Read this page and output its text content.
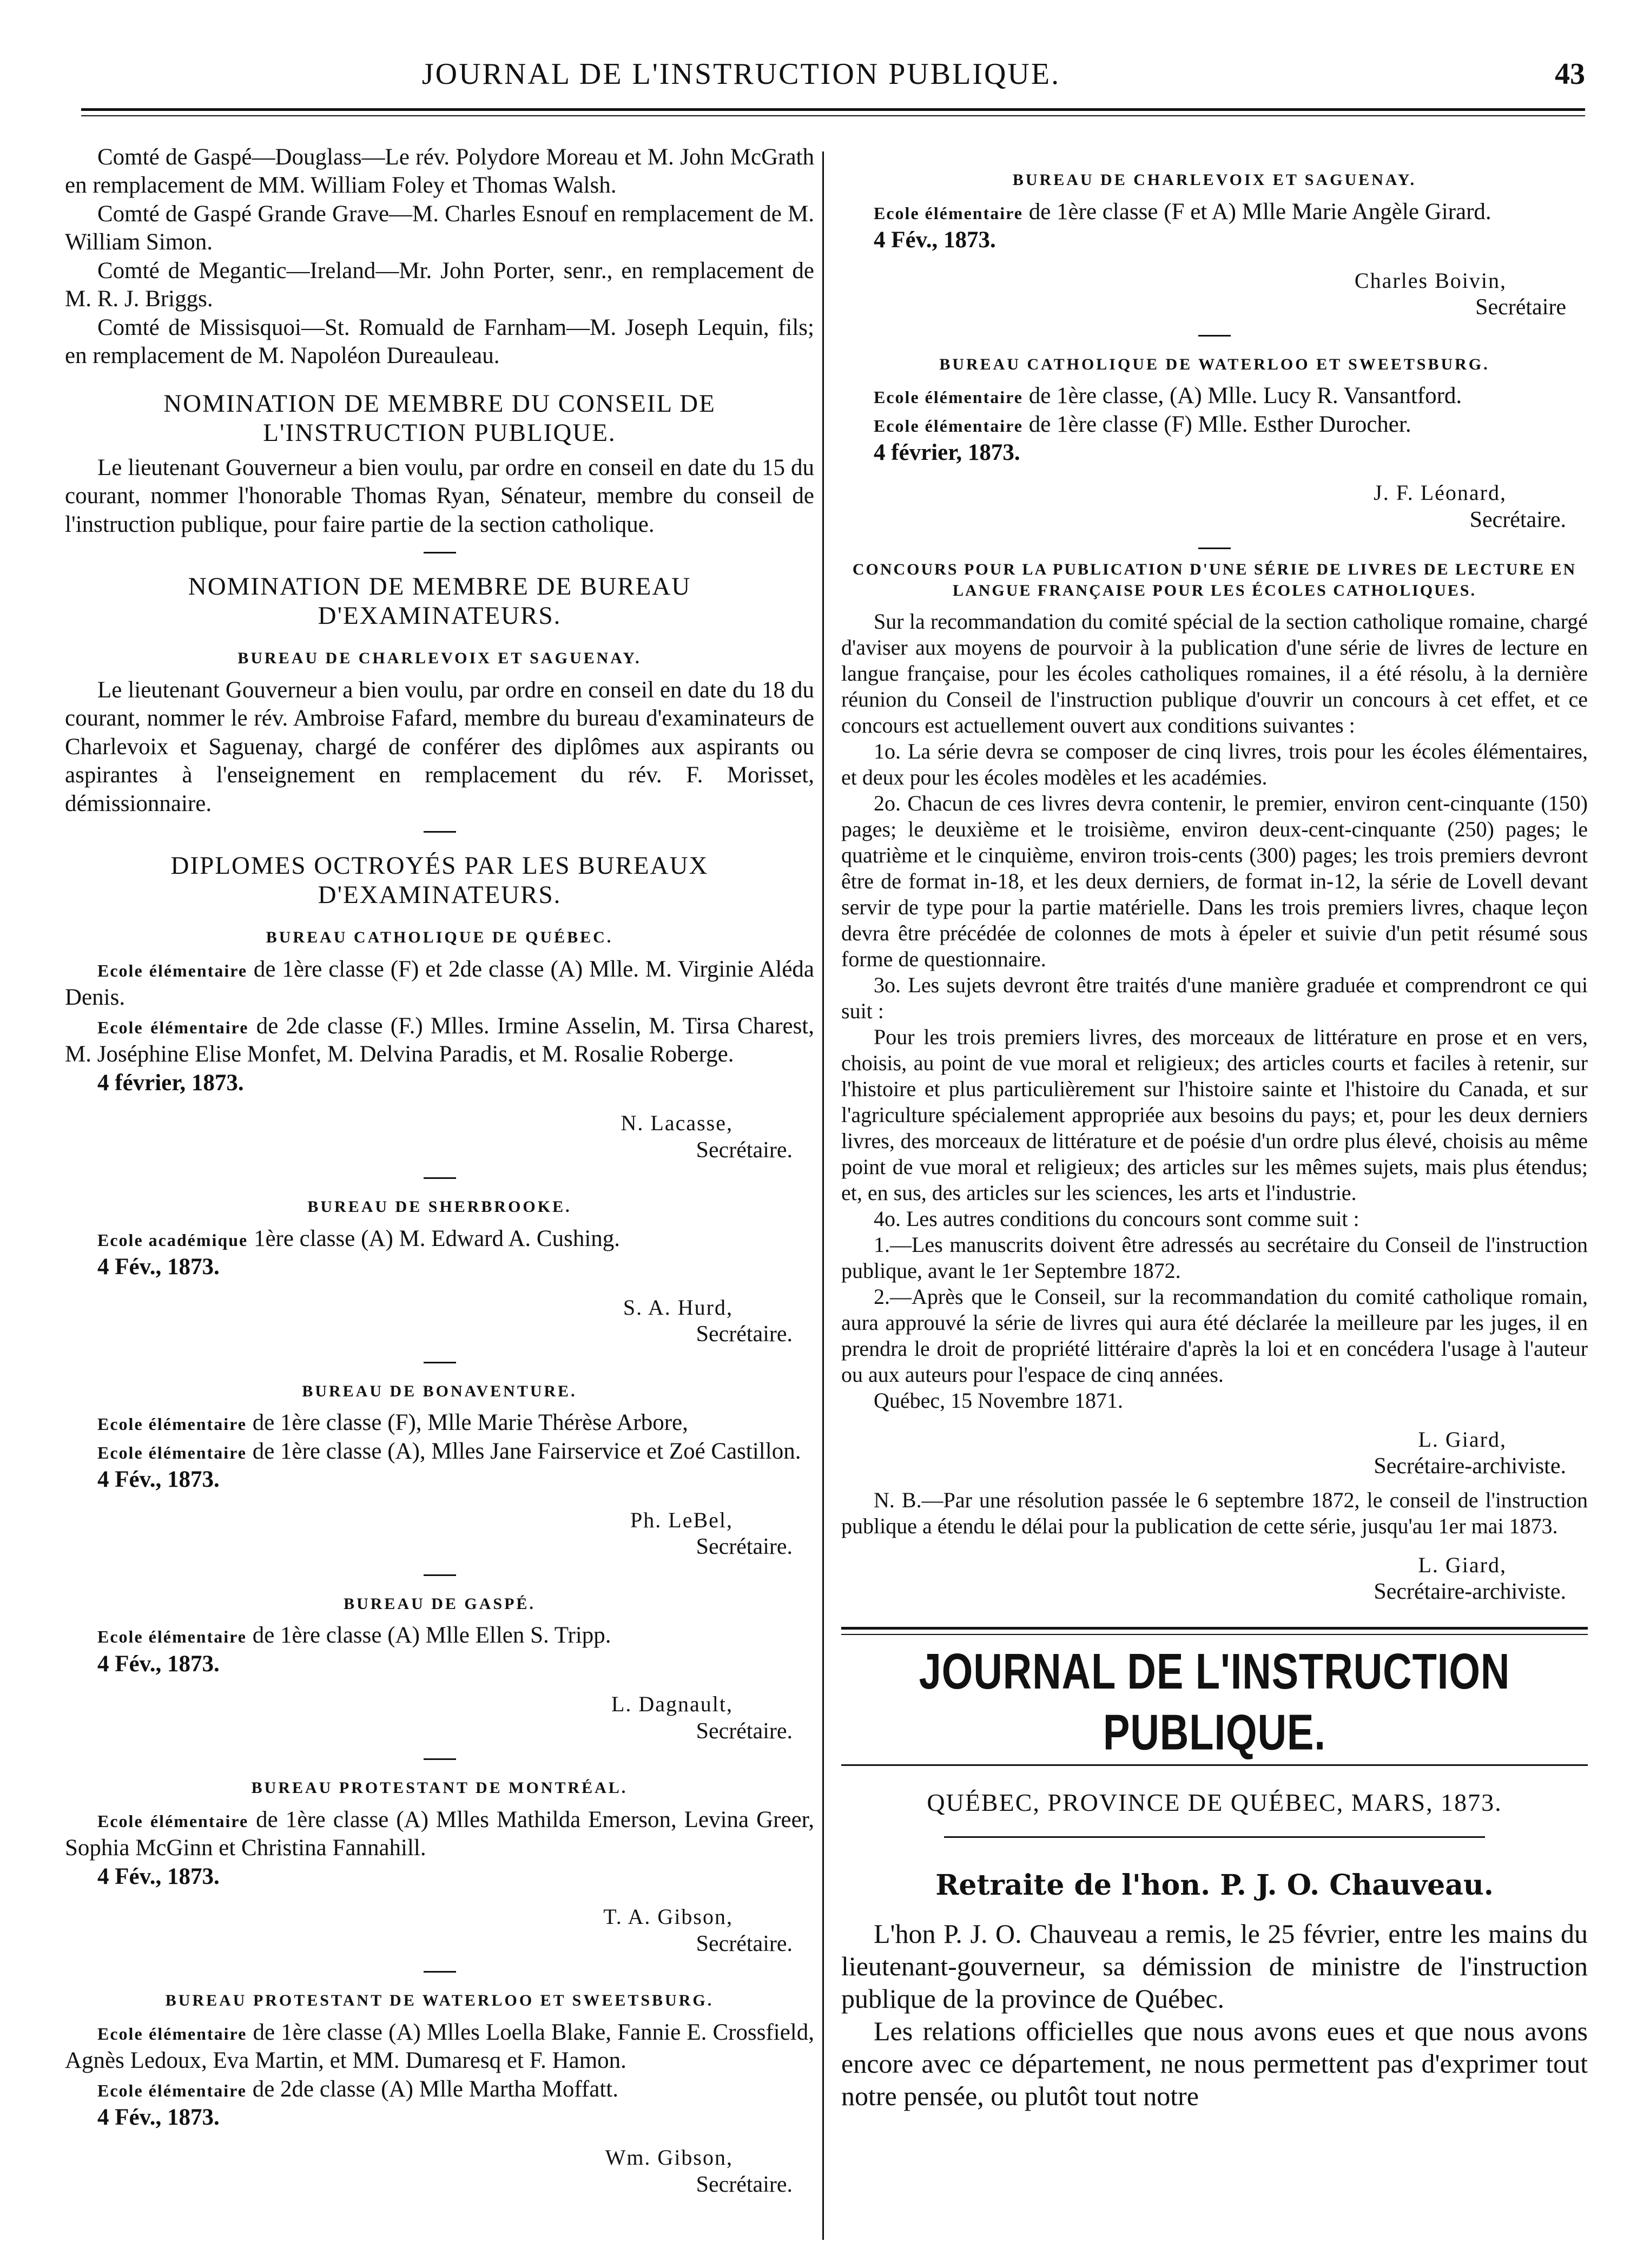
JOURNAL DE L'INSTRUCTION PUBLIQUE.	43

Comté de Gaspé—Douglass—Le rév. Polydore Moreau et M. John McGrath en remplacement de MM. William Foley et Thomas Walsh.

Comté de Gaspé Grande Grave—M. Charles Esnouf en remplacement de M. William Simon.

Comté de Megantic—Ireland—Mr. John Porter, senr., en remplacement de M. R. J. Briggs.

Comté de Missisquoi—St. Romuald de Farnham—M. Joseph Lequin, fils; en remplacement de M. Napoléon Dureauleau.

NOMINATION DE MEMBRE DU CONSEIL DE L'INSTRUCTION PUBLIQUE.

Le lieutenant Gouverneur a bien voulu, par ordre en conseil en date du 15 du courant, nommer l'honorable Thomas Ryan, Sénateur, membre du conseil de l'instruction publique, pour faire partie de la section catholique.

NOMINATION DE MEMBRE DE BUREAU D'EXAMINATEURS.
BUREAU DE CHARLEVOIX ET SAGUENAY.

Le lieutenant Gouverneur a bien voulu, par ordre en conseil en date du 18 du courant, nommer le rév. Ambroise Fafard, membre du bureau d'examinateurs de Charlevoix et Saguenay, chargé de conférer des diplômes aux aspirants ou aspirantes à l'enseignement en remplacement du rév. F. Morisset, démissionnaire.

DIPLOMES OCTROYÉS PAR LES BUREAUX D'EXAMINATEURS.
BUREAU CATHOLIQUE DE QUÉBEC.

Ecole élémentaire de 1ère classe (F) et 2de classe (A) Mlle. M. Virginie Aléda Denis.

Ecole élémentaire de 2de classe (F.) Mlles. Irmine Asselin, M. Tirsa Charest, M. Joséphine Elise Monfet, M. Delvina Paradis, et M. Rosalie Roberge.

4 février, 1873.
N. Lacasse,
Secrétaire.
BUREAU DE SHERBROOKE.

Ecole académique 1ère classe (A) M. Edward A. Cushing.

4 Fév., 1873.
S. A. Hurd,
Secrétaire.
BUREAU DE BONAVENTURE.

Ecole élémentaire de 1ère classe (F), Mlle Marie Thérèse Arbore,

Ecole élémentaire de 1ère classe (A), Mlles Jane Fairservice et Zoé Castillon.

4 Fév., 1873.
Ph. LeBel,
Secrétaire.
BUREAU DE GASPÉ.

Ecole élémentaire de 1ère classe (A) Mlle Ellen S. Tripp.

4 Fév., 1873.
L. Dagnault,
Secrétaire.
BUREAU PROTESTANT DE MONTRÉAL.

Ecole élémentaire de 1ère classe (A) Mlles Mathilda Emerson, Levina Greer, Sophia McGinn et Christina Fannahill.

4 Fév., 1873.
T. A. Gibson,
Secrétaire.
BUREAU PROTESTANT DE WATERLOO ET SWEETSBURG.

Ecole élémentaire de 1ère classe (A) Mlles Loella Blake, Fannie E. Crossfield, Agnès Ledoux, Eva Martin, et MM. Dumaresq et F. Hamon.

Ecole élémentaire de 2de classe (A) Mlle Martha Moffatt.

4 Fév., 1873.
Wm. Gibson,
Secrétaire.
BUREAU DE CHARLEVOIX ET SAGUENAY.

Ecole élémentaire de 1ère classe (F et A) Mlle Marie Angèle Girard.

4 Fév., 1873.
Charles Boivin,
Secrétaire
BUREAU CATHOLIQUE DE WATERLOO ET SWEETSBURG.

Ecole élémentaire de 1ère classe, (A) Mlle. Lucy R. Vansantford.

Ecole élémentaire de 1ère classe (F) Mlle. Esther Durocher.

4 février, 1873.
J. F. Léonard,
Secrétaire.
CONCOURS POUR LA PUBLICATION D'UNE SÉRIE DE LIVRES DE LECTURE EN LANGUE FRANÇAISE POUR LES ÉCOLES CATHOLIQUES.

Sur la recommandation du comité spécial de la section catholique romaine, chargé d'aviser aux moyens de pourvoir à la publication d'une série de livres de lecture en langue française, pour les écoles catholiques romaines, il a été résolu, à la dernière réunion du Conseil de l'instruction publique d'ouvrir un concours à cet effet, et ce concours est actuellement ouvert aux conditions suivantes :

1o. La série devra se composer de cinq livres, trois pour les écoles élémentaires, et deux pour les écoles modèles et les académies.

2o. Chacun de ces livres devra contenir, le premier, environ cent-cinquante (150) pages; le deuxième et le troisième, environ deux-cent-cinquante (250) pages; le quatrième et le cinquième, environ trois-cents (300) pages; les trois premiers devront être de format in-18, et les deux derniers, de format in-12, la série de Lovell devant servir de type pour la partie matérielle. Dans les trois premiers livres, chaque leçon devra être précédée de colonnes de mots à épeler et suivie d'un petit résumé sous forme de questionnaire.

3o. Les sujets devront être traités d'une manière graduée et comprendront ce qui suit :

Pour les trois premiers livres, des morceaux de littérature en prose et en vers, choisis, au point de vue moral et religieux; des articles courts et faciles à retenir, sur l'histoire et plus particulièrement sur l'histoire sainte et l'histoire du Canada, et sur l'agriculture spécialement appropriée aux besoins du pays; et, pour les deux derniers livres, des morceaux de littérature et de poésie d'un ordre plus élevé, choisis au même point de vue moral et religieux; des articles sur les mêmes sujets, mais plus étendus; et, en sus, des articles sur les sciences, les arts et l'industrie.

4o. Les autres conditions du concours sont comme suit :

1.—Les manuscrits doivent être adressés au secrétaire du Conseil de l'instruction publique, avant le 1er Septembre 1872.

2.—Après que le Conseil, sur la recommandation du comité catholique romain, aura approuvé la série de livres qui aura été déclarée la meilleure par les juges, il en prendra le droit de propriété littéraire d'après la loi et en concédera l'usage à l'auteur ou aux auteurs pour l'espace de cinq années.

Québec, 15 Novembre 1871.

L. Giard,
Secrétaire-archiviste.

N. B.—Par une résolution passée le 6 septembre 1872, le conseil de l'instruction publique a étendu le délai pour la publication de cette série, jusqu'au 1er mai 1873.

L. Giard,
Secrétaire-archiviste.
JOURNAL DE L'INSTRUCTION PUBLIQUE.
QUÉBEC, PROVINCE DE QUÉBEC, MARS, 1873.
Retraite de l'hon. P. J. O. Chauveau.

L'hon P. J. O. Chauveau a remis, le 25 février, entre les mains du lieutenant-gouverneur, sa démission de ministre de l'instruction publique de la province de Québec.

Les relations officielles que nous avons eues et que nous avons encore avec ce département, ne nous permettent pas d'exprimer tout notre pensée, ou plutôt tout notre
